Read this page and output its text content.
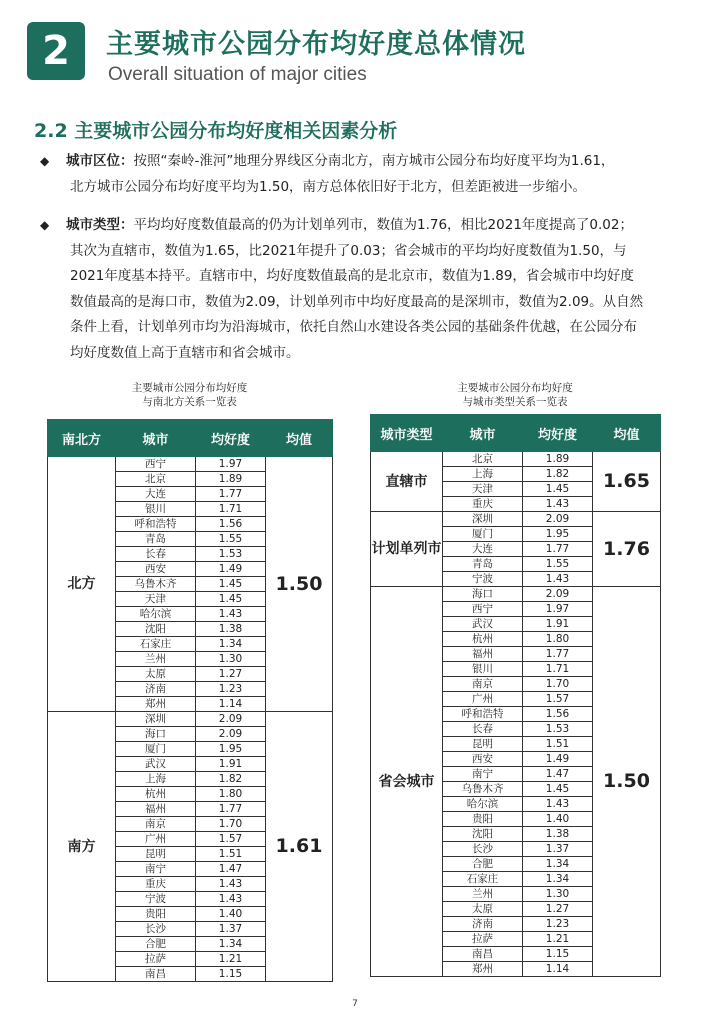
2	主要城市公园分布均好度总体情况
Overall situation of major cities
2.2 主要城市公园分布均好度相关因素分析
◆ 城市区位：按照“秦岭-淮河”地理分界线区分南北方，南方城市公园分布均好度平均为1.61，
北方城市公园分布均好度平均为1.50，南方总体依旧好于北方，但差距被进一步缩小。
◆ 城市类型：平均均好度数值最高的仍为计划单列市，数值为1.76，相比2021年度提高了0.02；
其次为直辖市，数值为1.65，比2021年提升了0.03；省会城市的平均均好度数值为1.50，与
2021年度基本持平。直辖市中，均好度数值最高的是北京市，数值为1.89，省会城市中均好度
数值最高的是海口市，数值为2.09，计划单列市中均好度最高的是深圳市，数值为2.09。从自然
条件上看，计划单列市均为沿海城市，依托自然山水建设各类公园的基础条件优越，在公园分布
均好度数值上高于直辖市和省会城市。
主要城市公园分布均好度
与南北方关系一览表
南北方	城市	均好度	均值
北方	西宁	1.97	1.50
	北京	1.89	
	大连	1.77	
	银川	1.71	
	呼和浩特	1.56	
	青岛	1.55	
	长春	1.53	
	西安	1.49	
	乌鲁木齐	1.45	
	天津	1.45	
	哈尔滨	1.43	
	沈阳	1.38	
	石家庄	1.34	
	兰州	1.30	
	太原	1.27	
	济南	1.23	
	郑州	1.14	
南方	深圳	2.09	1.61
	海口	2.09	
	厦门	1.95	
	武汉	1.91	
	上海	1.82	
	杭州	1.80	
	福州	1.77	
	南京	1.70	
	广州	1.57	
	昆明	1.51	
	南宁	1.47	
	重庆	1.43	
	宁波	1.43	
	贵阳	1.40	
	长沙	1.37	
	合肥	1.34	
	拉萨	1.21	
	南昌	1.15	
主要城市公园分布均好度
与城市类型关系一览表
城市类型	城市	均好度	均值
直辖市	北京	1.89	1.65
	上海	1.82	
	天津	1.45	
	重庆	1.43	
计划单列市	深圳	2.09	1.76
	厦门	1.95	
	大连	1.77	
	青岛	1.55	
	宁波	1.43	
省会城市	海口	2.09	1.50
	西宁	1.97	
	武汉	1.91	
	杭州	1.80	
	福州	1.77	
	银川	1.71	
	南京	1.70	
	广州	1.57	
	呼和浩特	1.56	
	长春	1.53	
	昆明	1.51	
	西安	1.49	
	南宁	1.47	
	乌鲁木齐	1.45	
	哈尔滨	1.43	
	贵阳	1.40	
	沈阳	1.38	
	长沙	1.37	
	合肥	1.34	
	石家庄	1.34	
	兰州	1.30	
	太原	1.27	
	济南	1.23	
	拉萨	1.21	
	南昌	1.15	
	郑州	1.14	
7
